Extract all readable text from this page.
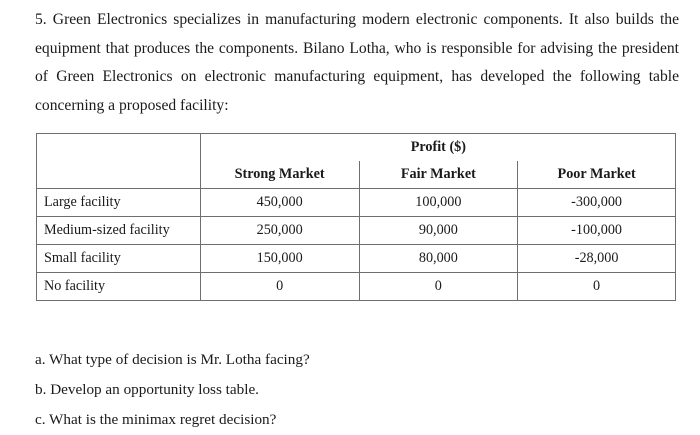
5. Green Electronics specializes in manufacturing modern electronic components. It also builds the equipment that produces the components. Bilano Lotha, who is responsible for advising the president of Green Electronics on electronic manufacturing equipment, has developed the following table concerning a proposed facility:
		Profit ($)	
	Strong Market	Fair Market	Poor Market
Large facility	450,000	100,000	-300,000
Medium-sized facility	250,000	90,000	-100,000
Small facility	150,000	80,000	-28,000
No facility	0	0	0
a. What type of decision is Mr. Lotha facing?
b. Develop an opportunity loss table.
c. What is the minimax regret decision?
